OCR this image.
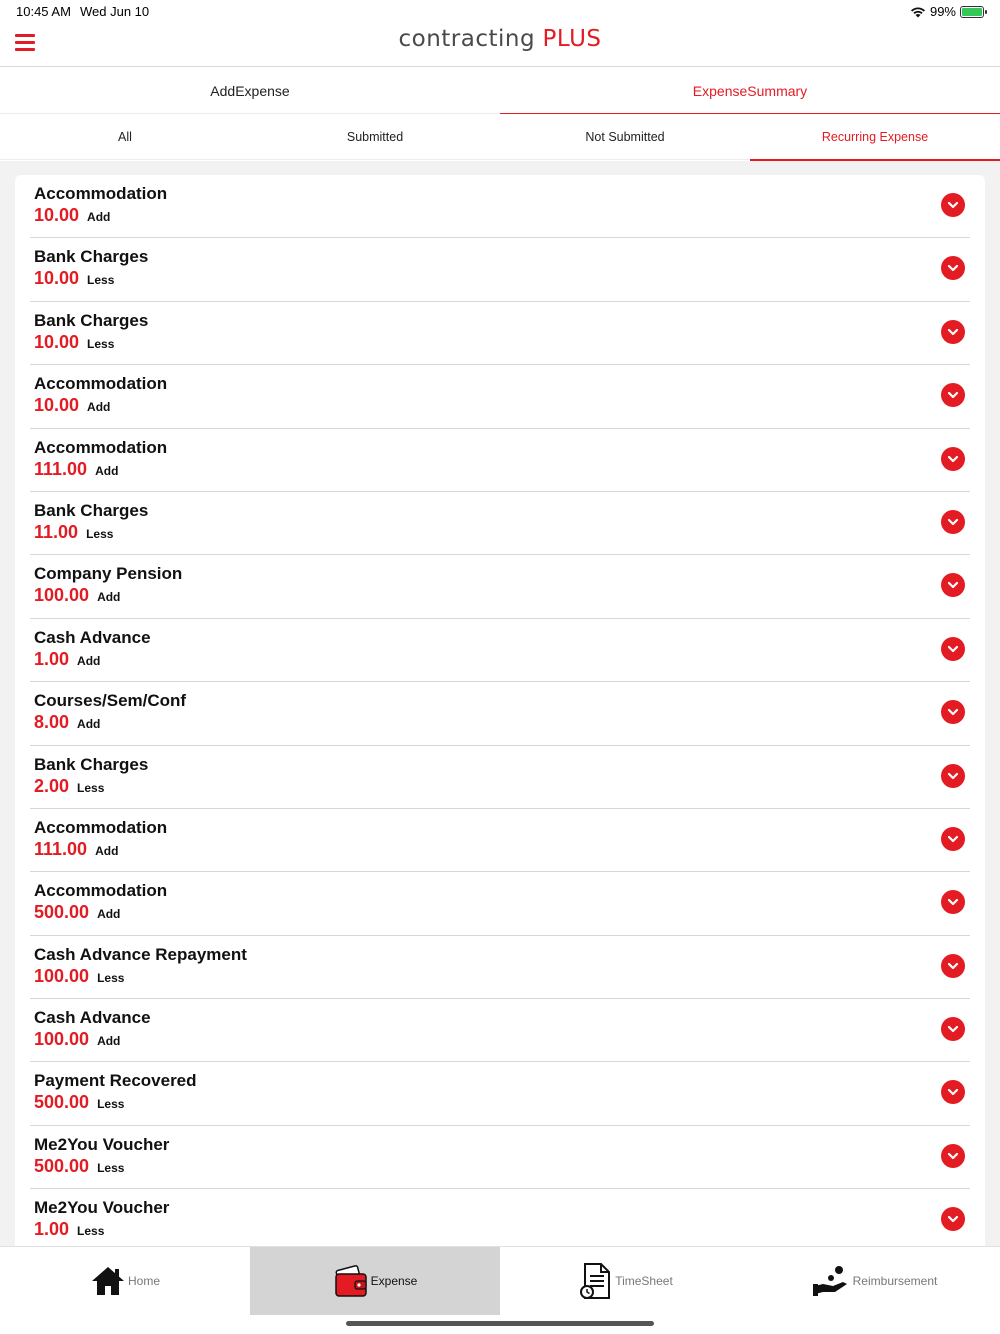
10:45 AM Wed Jun 10	99%
contracting PLUS
AddExpense	ExpenseSummary
All	Submitted	Not Submitted	Recurring Expense
Accommodation
10.00 Add
Bank Charges
10.00 Less
Bank Charges
10.00 Less
Accommodation
10.00 Add
Accommodation
111.00 Add
Bank Charges
11.00 Less
Company Pension
100.00 Add
Cash Advance
1.00 Add
Courses/Sem/Conf
8.00 Add
Bank Charges
2.00 Less
Accommodation
111.00 Add
Accommodation
500.00 Add
Cash Advance Repayment
100.00 Less
Cash Advance
100.00 Add
Payment Recovered
500.00 Less
Me2You Voucher
500.00 Less
Me2You Voucher
1.00 Less
Home	Expense	TimeSheet	Reimbursement
